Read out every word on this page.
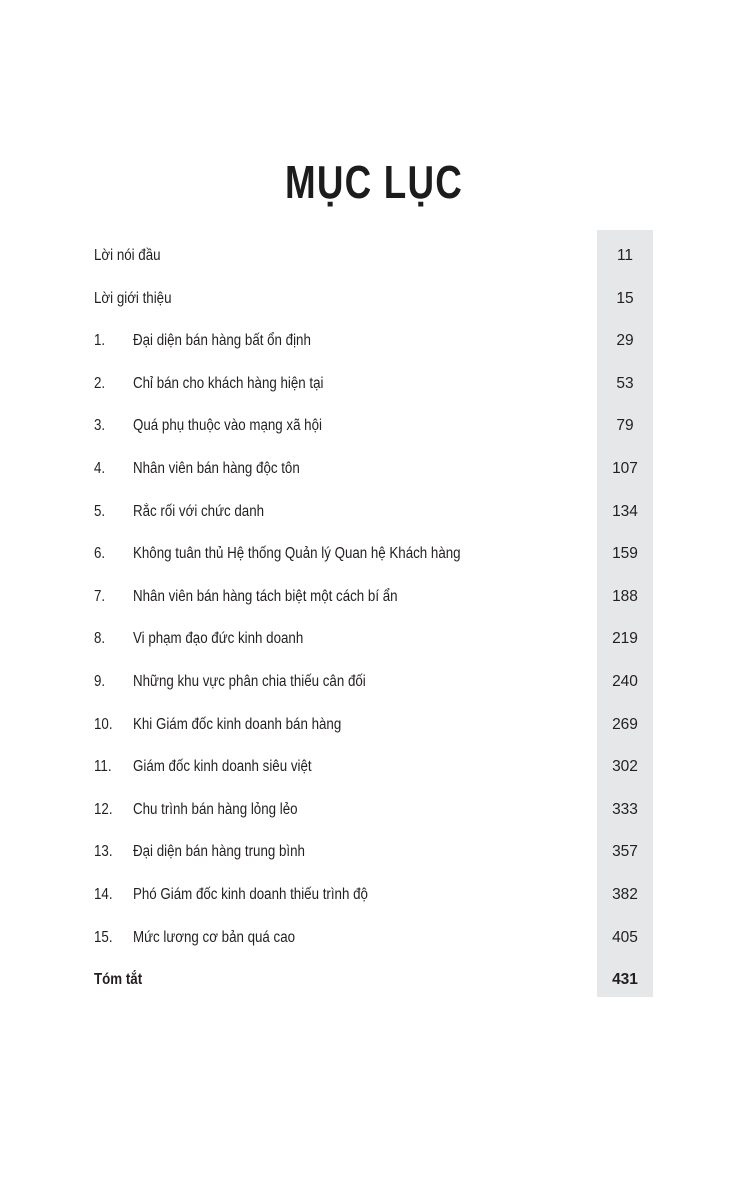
MỤC LỤC
Lời nói đầu	11
Lời giới thiệu	15
1.	Đại diện bán hàng bất ổn định	29
2.	Chỉ bán cho khách hàng hiện tại	53
3.	Quá phụ thuộc vào mạng xã hội	79
4.	Nhân viên bán hàng độc tôn	107
5.	Rắc rối với chức danh	134
6.	Không tuân thủ Hệ thống Quản lý Quan hệ Khách hàng	159
7.	Nhân viên bán hàng tách biệt một cách bí ẩn	188
8.	Vi phạm đạo đức kinh doanh	219
9.	Những khu vực phân chia thiếu cân đối	240
10.	Khi Giám đốc kinh doanh bán hàng	269
11.	Giám đốc kinh doanh siêu việt	302
12.	Chu trình bán hàng lỏng lẻo	333
13.	Đại diện bán hàng trung bình	357
14.	Phó Giám đốc kinh doanh thiếu trình độ	382
15.	Mức lương cơ bản quá cao	405
Tóm tắt	431
